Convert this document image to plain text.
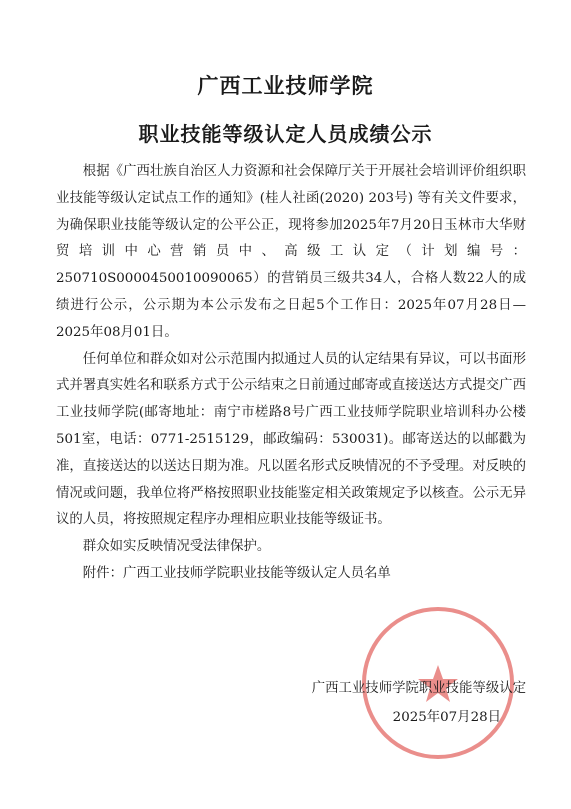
广西工业技师学院
职业技能等级认定人员成绩公示

根据《广西壮族自治区人力资源和社会保障厅关于开展社会培训评价组织职业技能等级认定试点工作的通知》(桂人社函(2020) 203号) 等有关文件要求，为确保职业技能等级认定的公平公正，现将参加2025年7月20日玉林市大华财贸培训中心营销员中、高级工认定（计划编号：250710S0000450010090065）的营销员三级共34人，合格人数22人的成绩进行公示，公示期为本公示发布之日起5个工作日：2025年07月28日—2025年08月01日。

任何单位和群众如对公示范围内拟通过人员的认定结果有异议，可以书面形式并署真实姓名和联系方式于公示结束之日前通过邮寄或直接送达方式提交广西工业技师学院(邮寄地址：南宁市槎路8号广西工业技师学院职业培训科办公楼501室，电话：0771-2515129，邮政编码：530031)。邮寄送达的以邮戳为准，直接送达的以送达日期为准。凡以匿名形式反映情况的不予受理。对反映的情况或问题，我单位将严格按照职业技能鉴定相关政策规定予以核查。公示无异议的人员，将按照规定程序办理相应职业技能等级证书。

群众如实反映情况受法律保护。

附件：广西工业技师学院职业技能等级认定人员名单

广西工业技师学院职业技能等级认定
2025年07月28日
